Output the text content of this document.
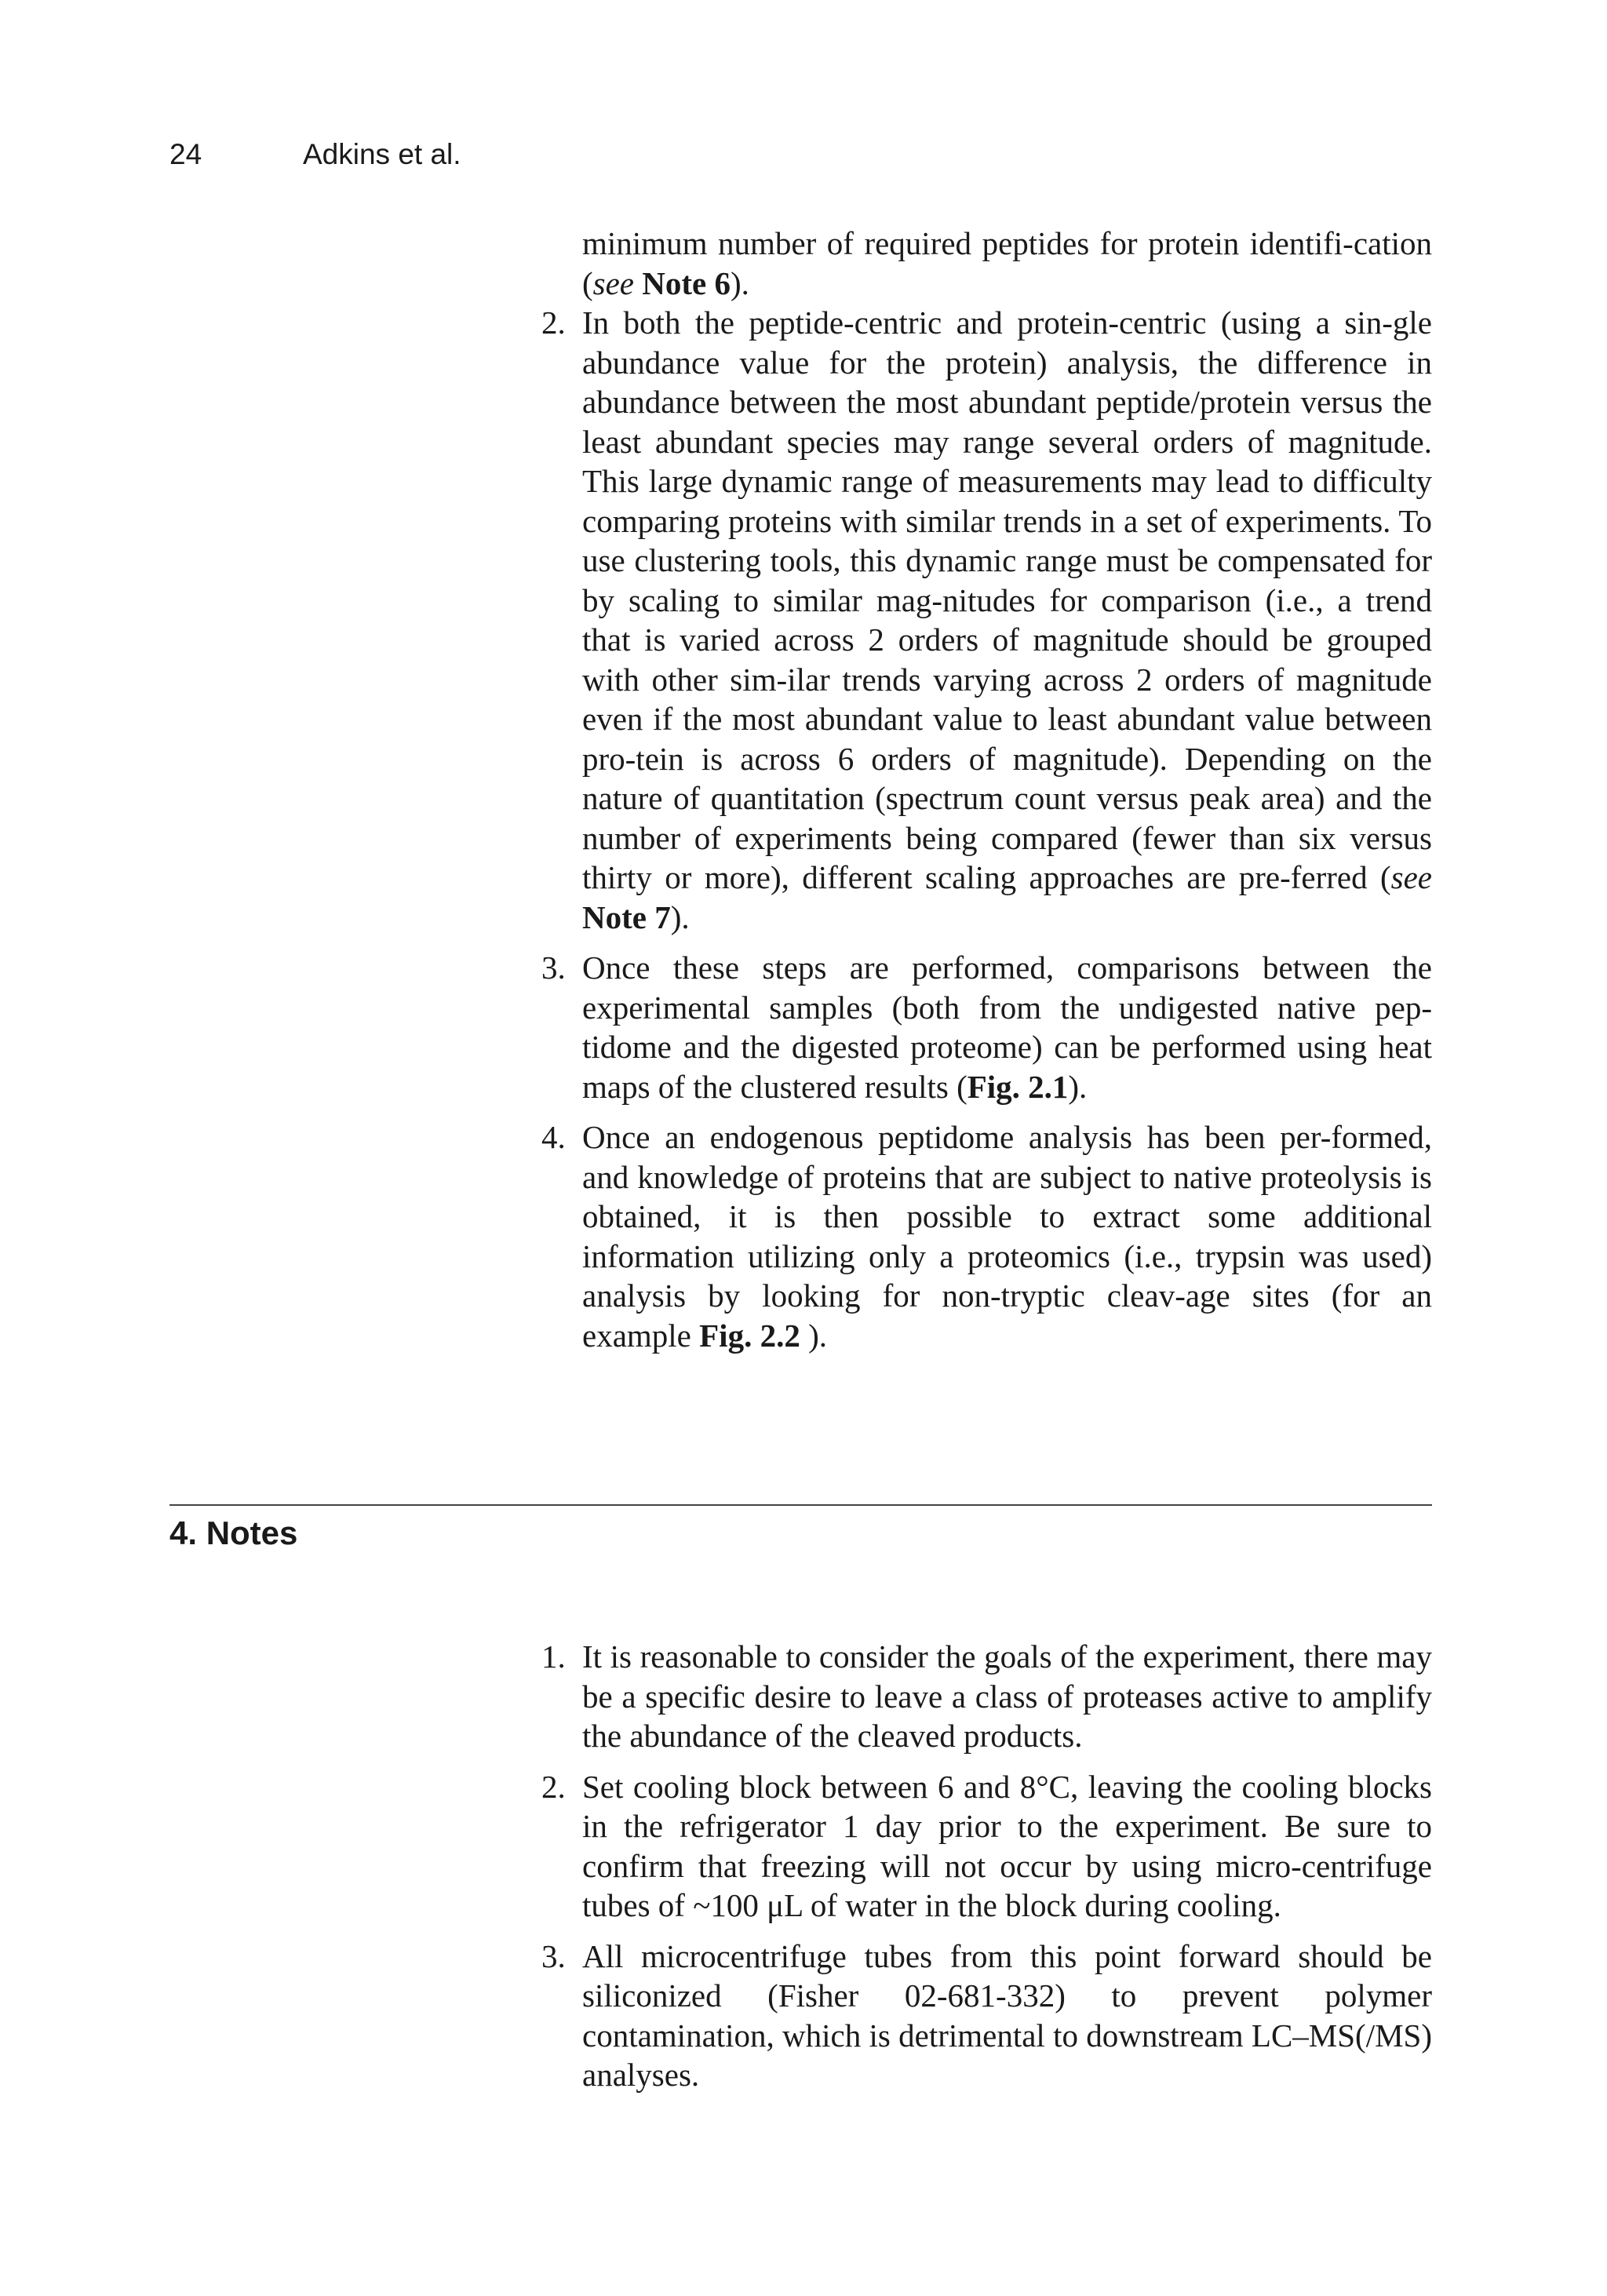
24	Adkins et al.

minimum number of required peptides for protein identifi-cation (see Note 6).

2. In both the peptide-centric and protein-centric (using a sin-gle abundance value for the protein) analysis, the difference in abundance between the most abundant peptide/protein versus the least abundant species may range several orders of magnitude. This large dynamic range of measurements may lead to difficulty comparing proteins with similar trends in a set of experiments. To use clustering tools, this dynamic range must be compensated for by scaling to similar mag-nitudes for comparison (i.e., a trend that is varied across 2 orders of magnitude should be grouped with other sim-ilar trends varying across 2 orders of magnitude even if the most abundant value to least abundant value between pro-tein is across 6 orders of magnitude). Depending on the nature of quantitation (spectrum count versus peak area) and the number of experiments being compared (fewer than six versus thirty or more), different scaling approaches are pre-ferred (see Note 7).

3. Once these steps are performed, comparisons between the experimental samples (both from the undigested native pep-tidome and the digested proteome) can be performed using heat maps of the clustered results (Fig. 2.1).

4. Once an endogenous peptidome analysis has been per-formed, and knowledge of proteins that are subject to native proteolysis is obtained, it is then possible to extract some additional information utilizing only a proteomics (i.e., trypsin was used) analysis by looking for non-tryptic cleav-age sites (for an example Fig. 2.2 ).

4. Notes
1. It is reasonable to consider the goals of the experiment, there may be a specific desire to leave a class of proteases active to amplify the abundance of the cleaved products.

2. Set cooling block between 6 and 8°C, leaving the cooling blocks in the refrigerator 1 day prior to the experiment. Be sure to confirm that freezing will not occur by using micro-centrifuge tubes of ~100 μL of water in the block during cooling.

3. All microcentrifuge tubes from this point forward should be siliconized (Fisher 02-681-332) to prevent polymer contamination, which is detrimental to downstream LC–MS(/MS) analyses.
